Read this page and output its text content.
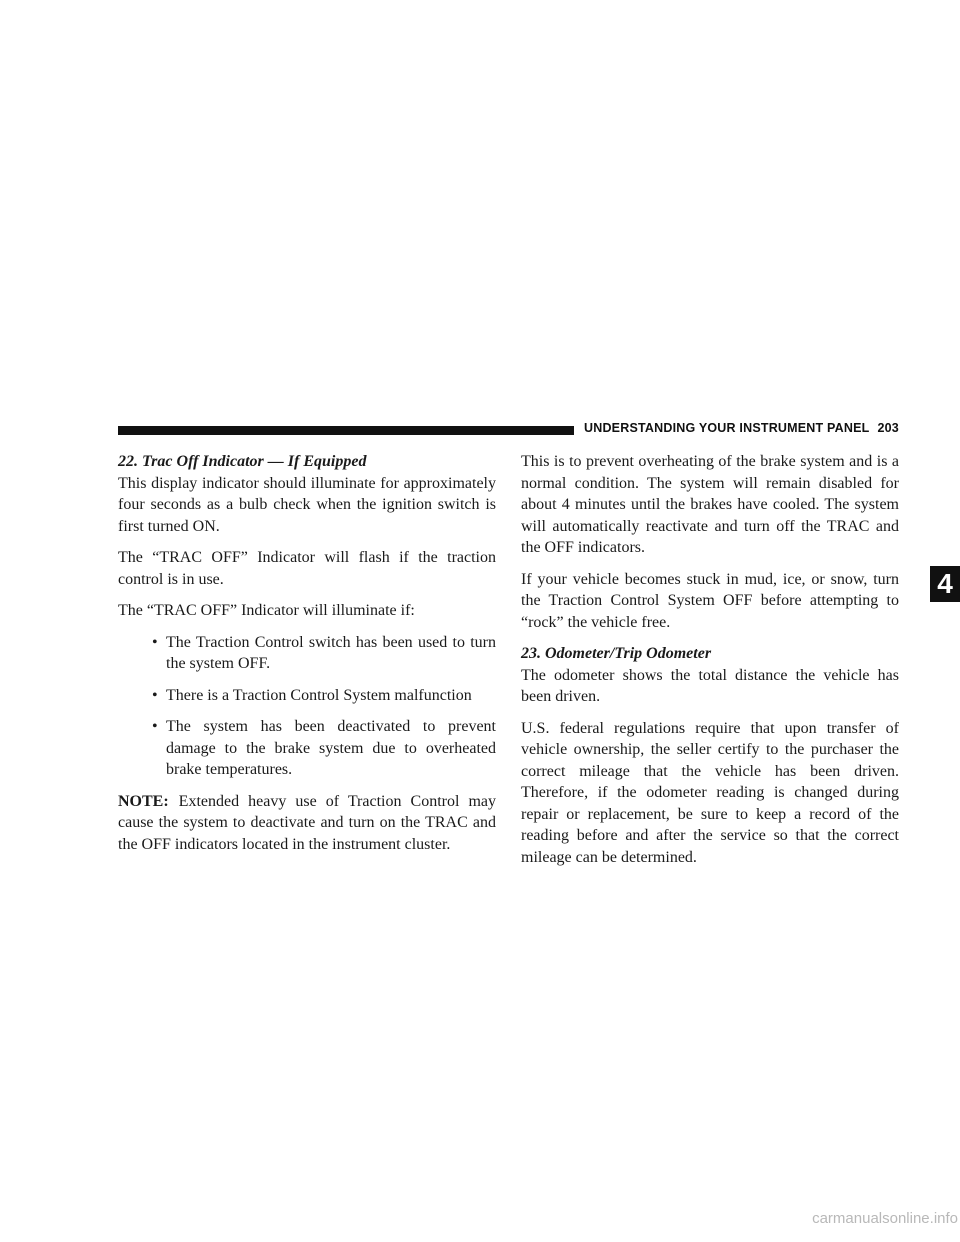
UNDERSTANDING YOUR INSTRUMENT PANEL 203
4

22. Trac Off Indicator — If Equipped
This display indicator should illuminate for approximately four seconds as a bulb check when the ignition switch is first turned ON.

The “TRAC OFF” Indicator will flash if the traction control is in use.

The “TRAC OFF” Indicator will illuminate if:

• The Traction Control switch has been used to turn the system OFF.
• There is a Traction Control System malfunction
• The system has been deactivated to prevent damage to the brake system due to overheated brake temperatures.

NOTE: Extended heavy use of Traction Control may cause the system to deactivate and turn on the TRAC and the OFF indicators located in the instrument cluster.

This is to prevent overheating of the brake system and is a normal condition. The system will remain disabled for about 4 minutes until the brakes have cooled. The system will automatically reactivate and turn off the TRAC and the OFF indicators.

If your vehicle becomes stuck in mud, ice, or snow, turn the Traction Control System OFF before attempting to “rock” the vehicle free.

23. Odometer/Trip Odometer
The odometer shows the total distance the vehicle has been driven.

U.S. federal regulations require that upon transfer of vehicle ownership, the seller certify to the purchaser the correct mileage that the vehicle has been driven. Therefore, if the odometer reading is changed during repair or replacement, be sure to keep a record of the reading before and after the service so that the correct mileage can be determined.

carmanualsonline.info
